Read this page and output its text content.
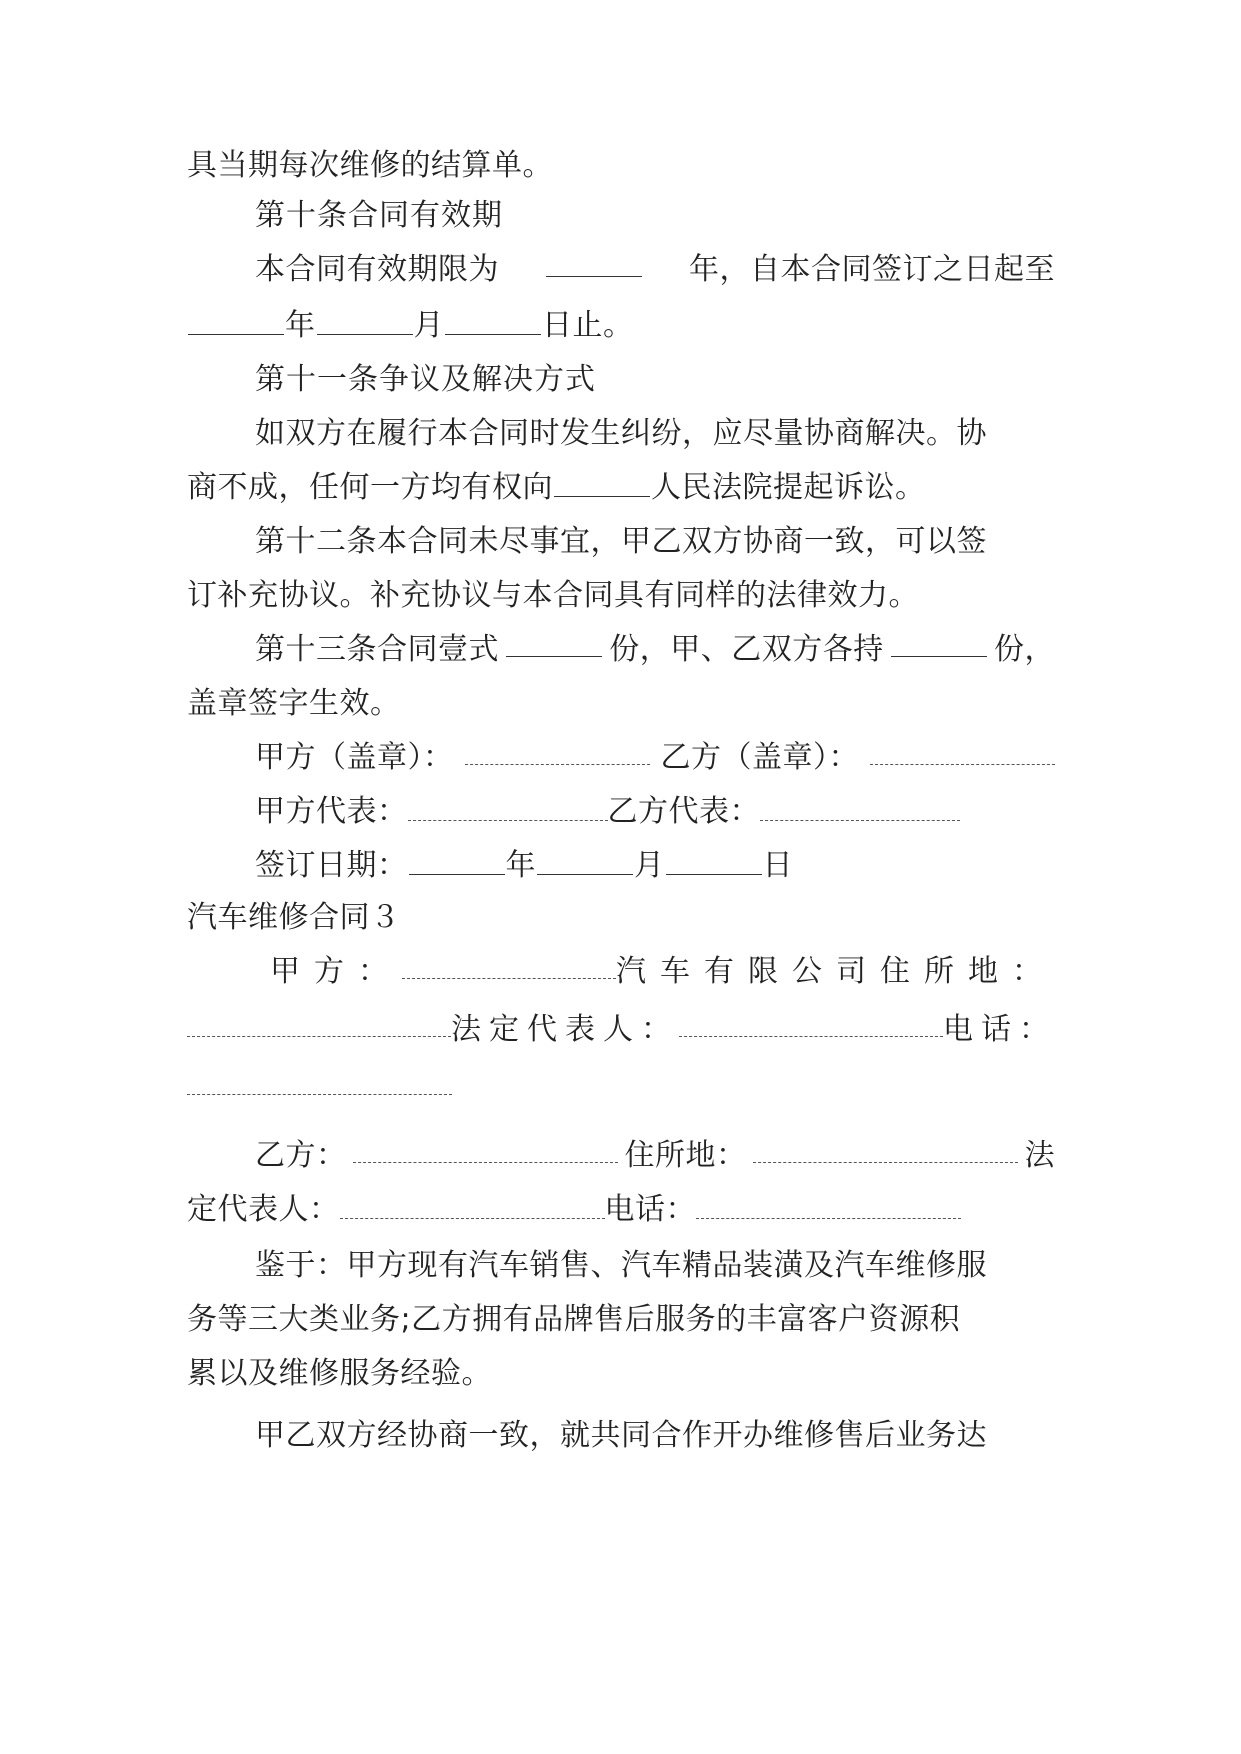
具当期每次维修的结算单。
第十条合同有效期
本合同有效期限为	年，自本合同签订之日起至
年	月	日止。
第十一条争议及解决方式
如双方在履行本合同时发生纠纷，应尽量协商解决。协
商不成，任何一方均有权向	人民法院提起诉讼。
第十二条本合同未尽事宜，甲乙双方协商一致，可以签
订补充协议。补充协议与本合同具有同样的法律效力。
第十三条合同壹式	份，甲、乙双方各持	份，
盖章签字生效。
甲方（盖章）：	乙方（盖章）：
甲方代表：	乙方代表：
签订日期：	年	月	日
汽车维修合同３
甲方：	汽车有限公司住所地：
法定代表人：	电话：
乙方：	住所地：	法
定代表人：	电话：
鉴于：甲方现有汽车销售、汽车精品装潢及汽车维修服
务等三大类业务;乙方拥有品牌售后服务的丰富客户资源积
累以及维修服务经验。
甲乙双方经协商一致，就共同合作开办维修售后业务达
